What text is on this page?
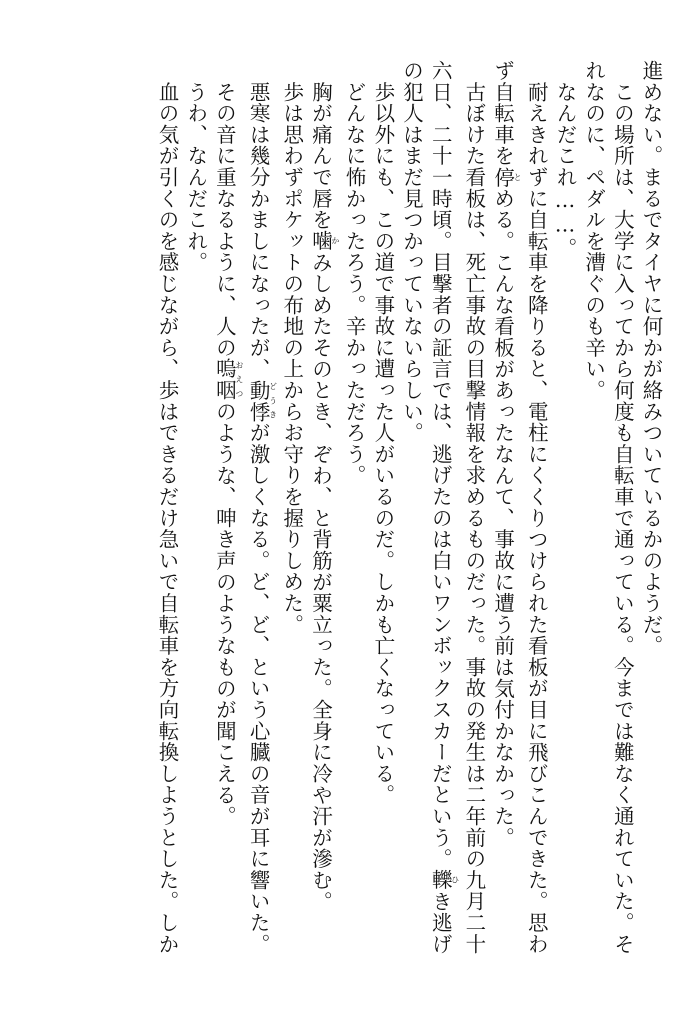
進めない。まるでタイヤに何かが絡みついているかのようだ。
　この場所は、大学に入ってから何度も自転車で通っている。今までは難なく通れていた。そ
れなのに、ペダルを漕ぐのも辛い。
　なんだこれ……。
　耐えきれずに自転車を降りると、電柱にくくりつけられた看板が目に飛びこんできた。思わ
ず自転車を停とめる。こんな看板があったなんて、事故に遭う前は気付かなかった。
　古ぼけた看板は、死亡事故の目撃情報を求めるものだった。事故の発生は二年前の九月二十
六日、二十一時頃。目撃者の証言では、逃げたのは白いワンボックスカーだという。轢ひき逃げ
の犯人はまだ見つかっていないらしい。
　歩以外にも、この道で事故に遭った人がいるのだ。しかも亡くなっている。
　どんなに怖かったろう。辛かっただろう。
　胸が痛んで唇を噛かみしめたそのとき、ぞわ、と背筋が粟立った。全身に冷や汗が滲む。
　歩は思わずポケットの布地の上からお守りを握りしめた。
　悪寒は幾分かましになったが、動悸どうきが激しくなる。ど、ど、という心臓の音が耳に響いた。
　その音に重なるように、人の嗚咽おえつのような、呻き声のようなものが聞こえる。
　うわ、なんだこれ。
　血の気が引くのを感じながら、歩はできるだけ急いで自転車を方向転換しようとした。しか
